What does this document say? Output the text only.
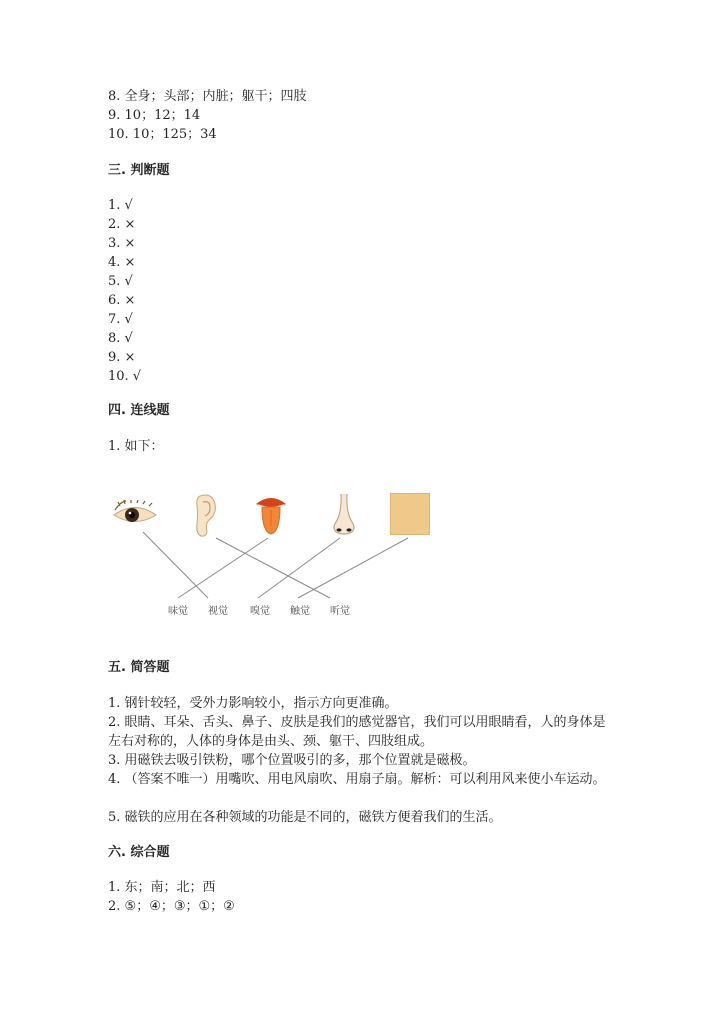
8. 全身；头部；内脏；躯干；四肢
9. 10；12；14
10. 10；125；34
三. 判断题
1. √
2. ×
3. ×
4. ×
5. √
6. ×
7. √
8. √
9. ×
10. √
四. 连线题
1. 如下：
味觉 视觉 嗅觉 触觉 听觉
五. 简答题
1. 钢针较轻，受外力影响较小，指示方向更准确。
2. 眼睛、耳朵、舌头、鼻子、皮肤是我们的感觉器官，我们可以用眼睛看，人的身体是左右对称的，人体的身体是由头、颈、躯干、四肢组成。
3. 用磁铁去吸引铁粉，哪个位置吸引的多，那个位置就是磁极。
4. （答案不唯一）用嘴吹、用电风扇吹、用扇子扇。解析：可以利用风来使小车运动。
5. 磁铁的应用在各种领域的功能是不同的，磁铁方便着我们的生活。
六. 综合题
1. 东；南；北；西
2. ⑤；④；③；①；②
